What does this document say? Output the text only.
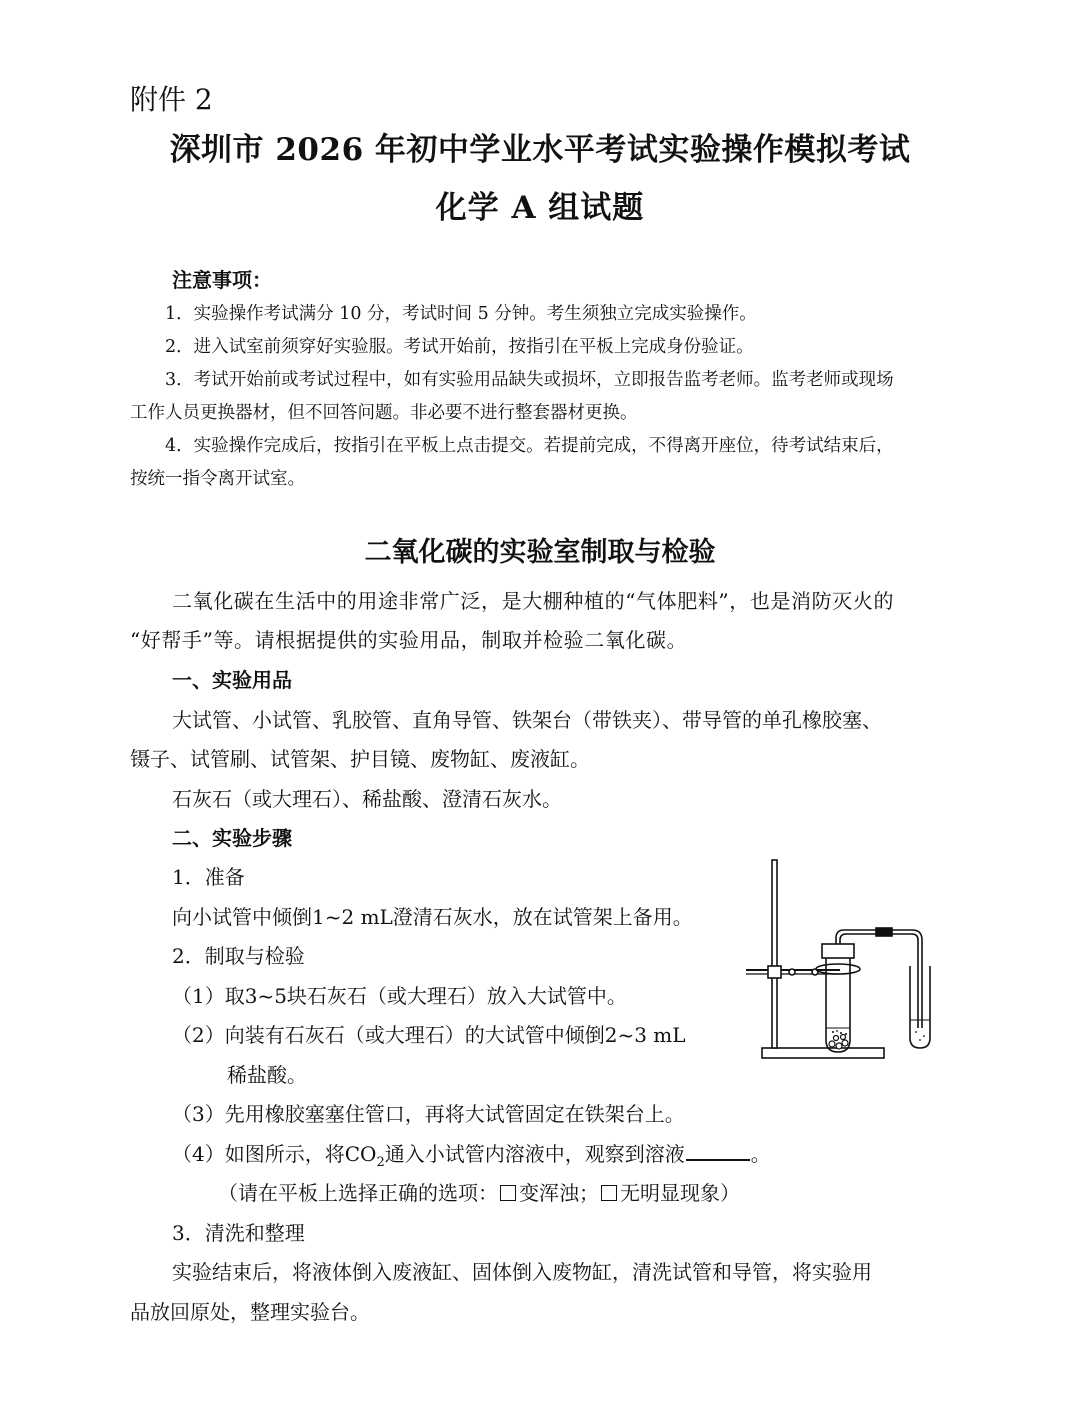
附件 2
深圳市 2026 年初中学业水平考试实验操作模拟考试
化学 A 组试题
注意事项：
1．实验操作考试满分 10 分，考试时间 5 分钟。考生须独立完成实验操作。
2．进入试室前须穿好实验服。考试开始前，按指引在平板上完成身份验证。
3．考试开始前或考试过程中，如有实验用品缺失或损坏，立即报告监考老师。监考老师或现场
工作人员更换器材，但不回答问题。非必要不进行整套器材更换。
4．实验操作完成后，按指引在平板上点击提交。若提前完成，不得离开座位，待考试结束后，
按统一指令离开试室。
二氧化碳的实验室制取与检验
二氧化碳在生活中的用途非常广泛，是大棚种植的“气体肥料”，也是消防灭火的
“好帮手”等。请根据提供的实验用品，制取并检验二氧化碳。
一、实验用品
大试管、小试管、乳胶管、直角导管、铁架台（带铁夹）、带导管的单孔橡胶塞、
镊子、试管刷、试管架、护目镜、废物缸、废液缸。
石灰石（或大理石）、稀盐酸、澄清石灰水。
二、实验步骤
1．准备
向小试管中倾倒1~2 mL澄清石灰水，放在试管架上备用。
2．制取与检验
（1）取3~5块石灰石（或大理石）放入大试管中。
（2）向装有石灰石（或大理石）的大试管中倾倒2~3 mL
稀盐酸。
（3）先用橡胶塞塞住管口，再将大试管固定在铁架台上。
（4）如图所示，将$CO_2$通入小试管内溶液中，观察到溶液	。
（请在平板上选择正确的选项： 变浑浊； 无明显现象）
3．清洗和整理
实验结束后，将液体倒入废液缸、固体倒入废物缸，清洗试管和导管，将实验用
品放回原处，整理实验台。
